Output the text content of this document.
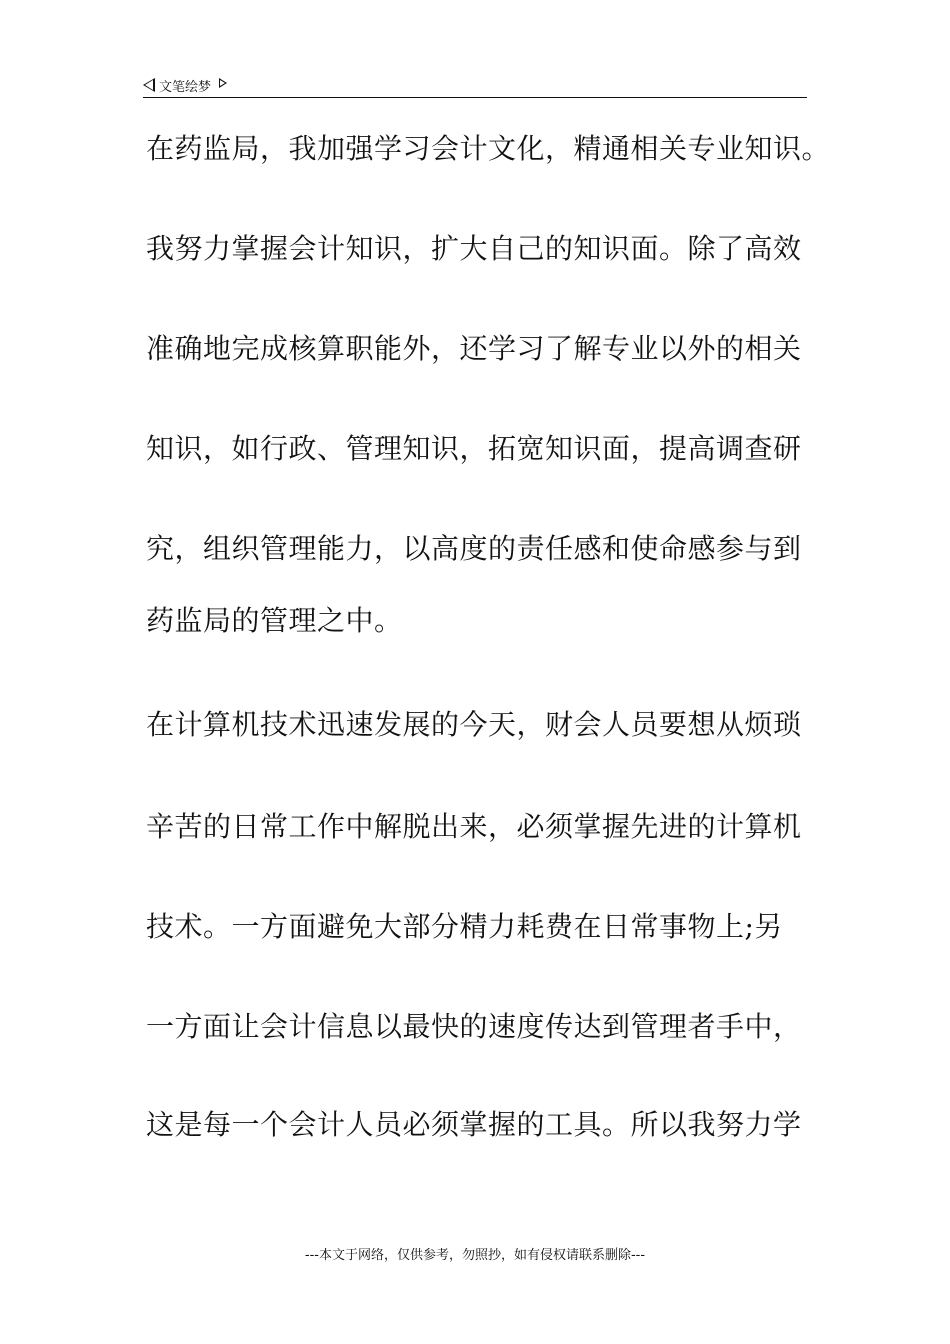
文笔绘梦
在药监局，我加强学习会计文化，精通相关专业知识。
我努力掌握会计知识，扩大自己的知识面。除了高效
准确地完成核算职能外，还学习了解专业以外的相关
知识，如行政、管理知识，拓宽知识面，提高调查研
究，组织管理能力，以高度的责任感和使命感参与到
药监局的管理之中。
在计算机技术迅速发展的今天，财会人员要想从烦琐
辛苦的日常工作中解脱出来，必须掌握先进的计算机
技术。一方面避免大部分精力耗费在日常事物上;另
一方面让会计信息以最快的速度传达到管理者手中，
这是每一个会计人员必须掌握的工具。所以我努力学
---本文于网络，仅供参考，勿照抄，如有侵权请联系删除---
